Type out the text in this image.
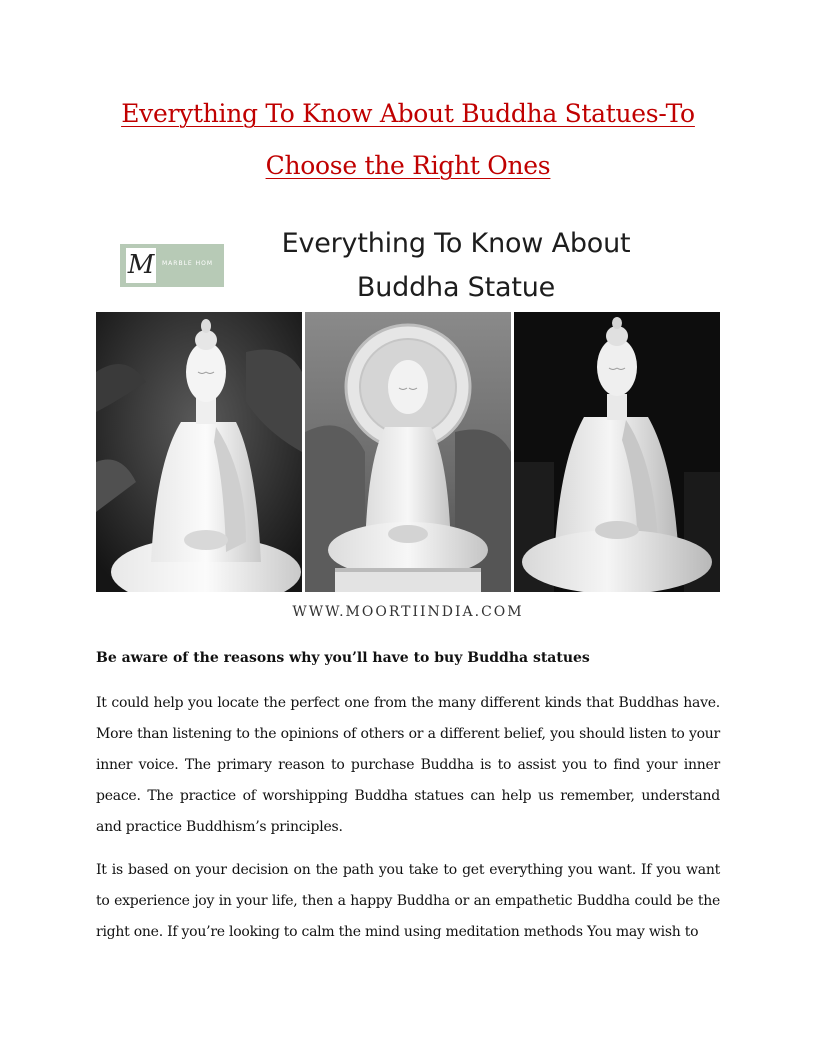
Everything To Know About Buddha Statues-To Choose the Right Ones
M MARBLE HOM
Everything To Know About
Buddha Statue
WWW.MOORTIINDIA.COM
Be aware of the reasons why you’ll have to buy Buddha statues

It could help you locate the perfect one from the many different kinds that Buddhas have. More than listening to the opinions of others or a different belief, you should listen to your inner voice. The primary reason to purchase Buddha is to assist you to find your inner peace. The practice of worshipping Buddha statues can help us remember, understand and practice Buddhism’s principles.

It is based on your decision on the path you take to get everything you want. If you want to experience joy in your life, then a happy Buddha or an empathetic Buddha could be the right one. If you’re looking to calm the mind using meditation methods You may wish to
